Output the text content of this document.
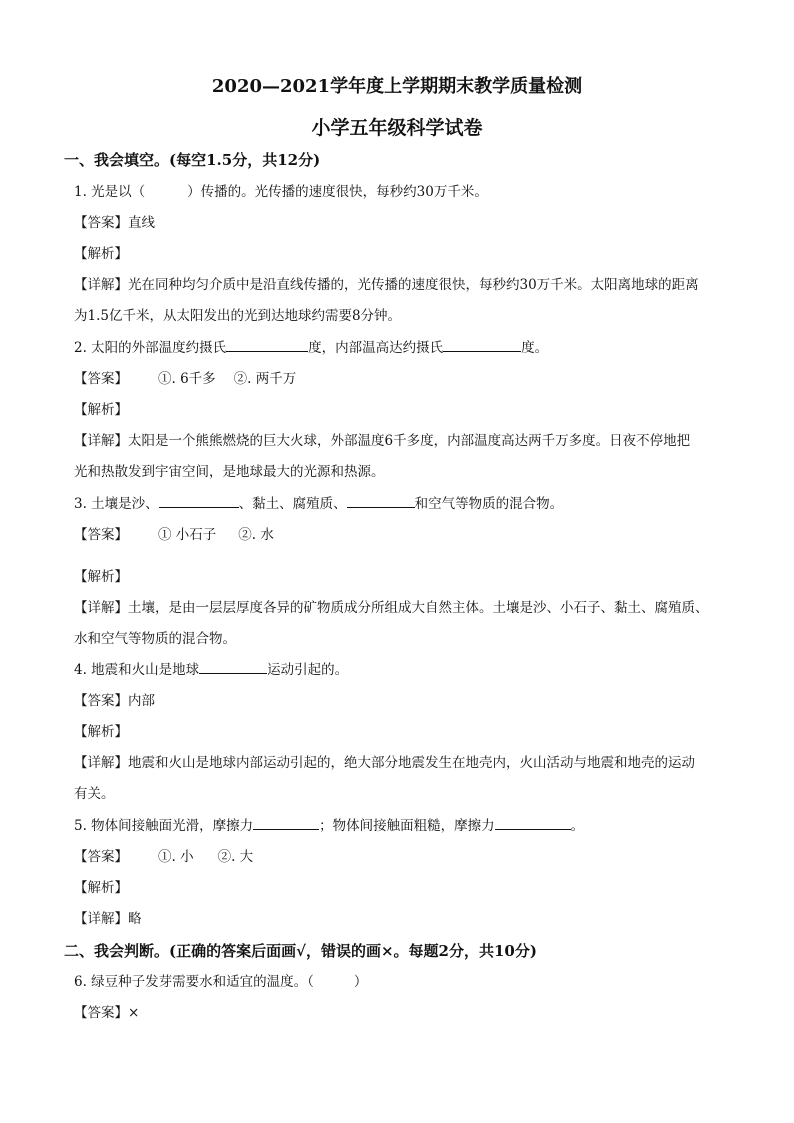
2020—2021学年度上学期期末教学质量检测
小学五年级科学试卷
一、我会填空。(每空1.5分，共12分)
1. 光是以（	）传播的。光传播的速度很快，每秒约30万千米。
【答案】直线
【解析】
【详解】光在同种均匀介质中是沿直线传播的，光传播的速度很快，每秒约30万千米。太阳离地球的距离
为1.5亿千米，从太阳发出的光到达地球约需要8分钟。
2. 太阳的外部温度约摄氏	度，内部温高达约摄氏	度。
【答案】 ①. 6千多 ②. 两千万
【解析】
【详解】太阳是一个熊熊燃烧的巨大火球，外部温度6千多度，内部温度高达两千万多度。日夜不停地把
光和热散发到宇宙空间，是地球最大的光源和热源。
3. 土壤是沙、	、黏土、腐殖质、	和空气等物质的混合物。
【答案】 ① 小石子 ②. 水
【解析】
【详解】土壤，是由一层层厚度各异的矿物质成分所组成大自然主体。土壤是沙、小石子、黏土、腐殖质、
水和空气等物质的混合物。
4. 地震和火山是地球	运动引起的。
【答案】内部
【解析】
【详解】地震和火山是地球内部运动引起的，绝大部分地震发生在地壳内，火山活动与地震和地壳的运动
有关。
5. 物体间接触面光滑，摩擦力	；物体间接触面粗糙，摩擦力	。
【答案】 ①. 小 ②. 大
【解析】
【详解】略
二、我会判断。(正确的答案后面画√，错误的画×。每题2分，共10分)
6. 绿豆种子发芽需要水和适宜的温度。（	）
【答案】×
